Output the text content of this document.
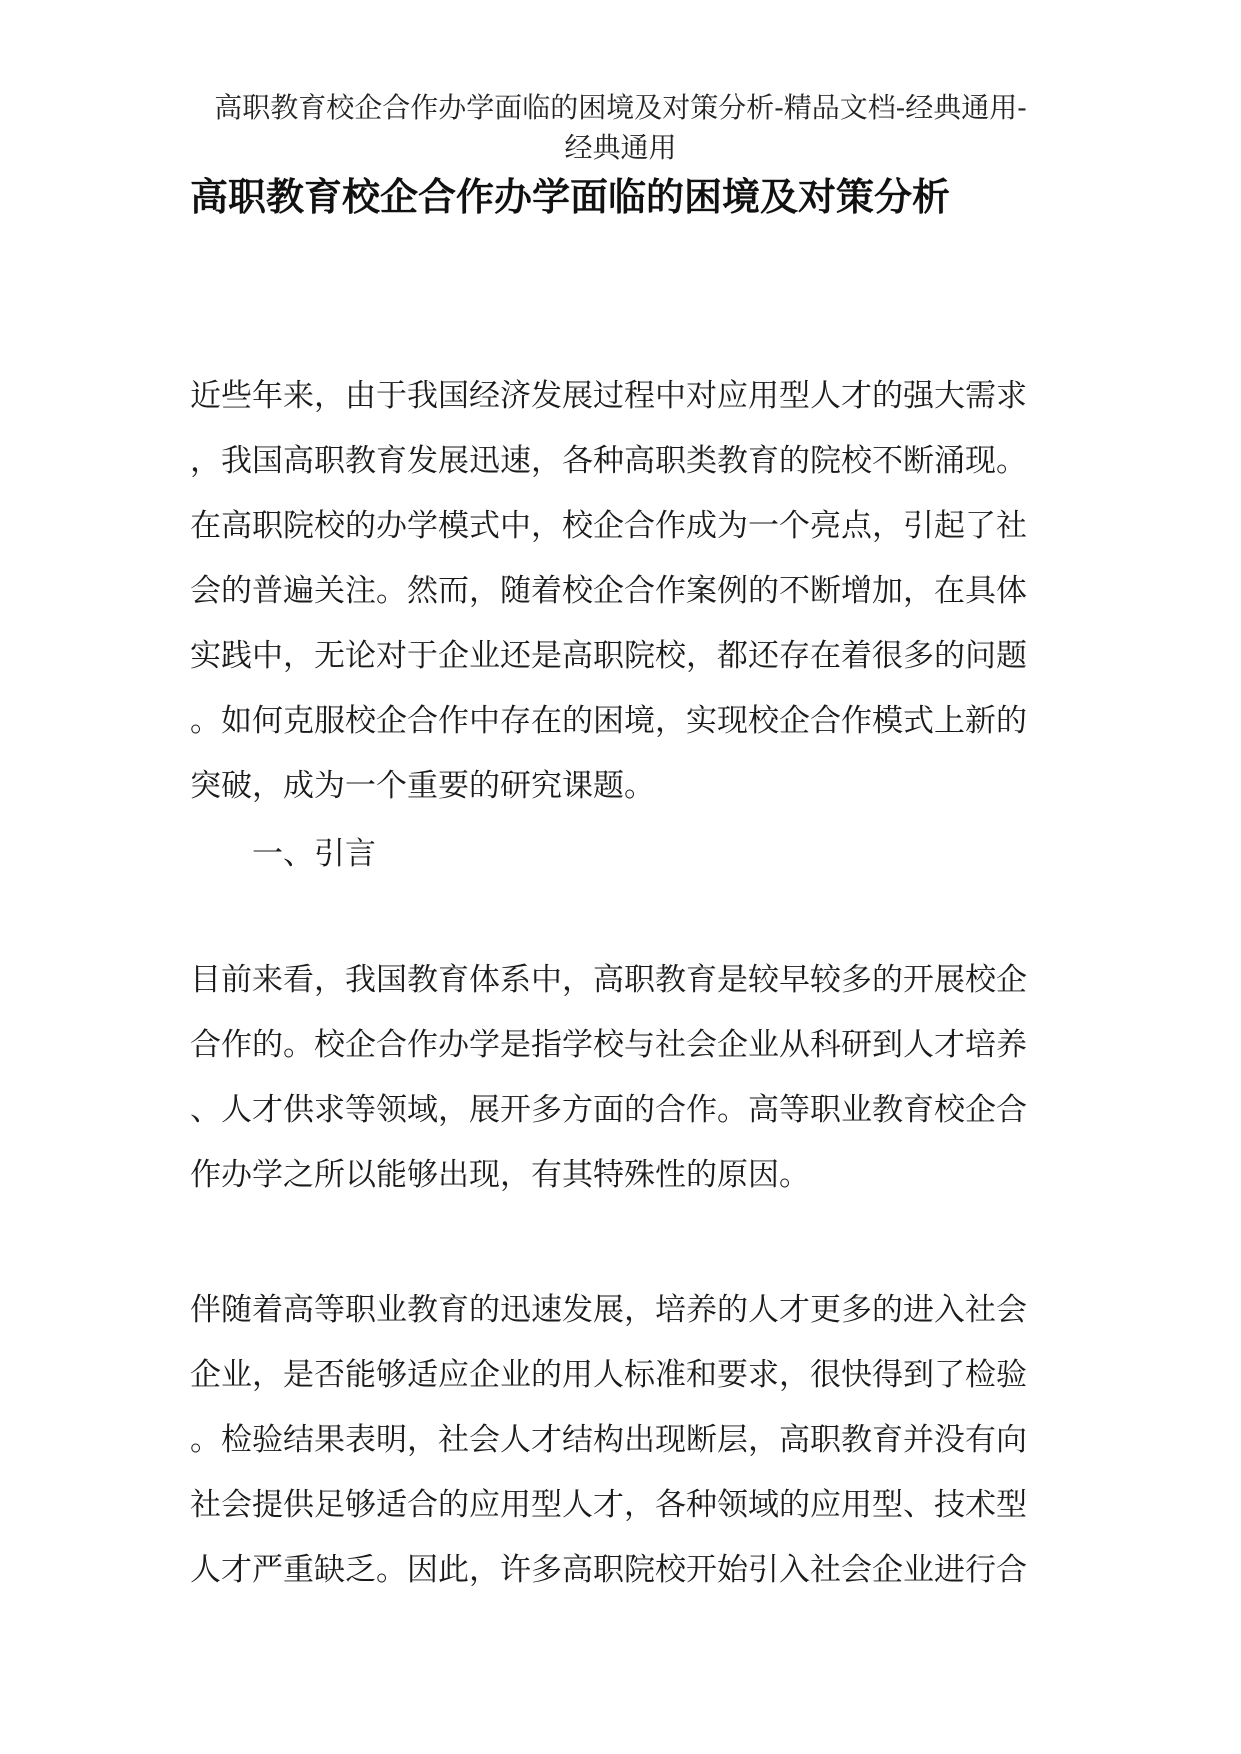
高职教育校企合作办学面临的困境及对策分析-精品文档-经典通用-
经典通用
高职教育校企合作办学面临的困境及对策分析
近些年来，由于我国经济发展过程中对应用型人才的强大需求
，我国高职教育发展迅速，各种高职类教育的院校不断涌现。
在高职院校的办学模式中，校企合作成为一个亮点，引起了社
会的普遍关注。然而，随着校企合作案例的不断增加，在具体
实践中，无论对于企业还是高职院校，都还存在着很多的问题
。如何克服校企合作中存在的困境，实现校企合作模式上新的
突破，成为一个重要的研究课题。
一、引言
目前来看，我国教育体系中，高职教育是较早较多的开展校企
合作的。校企合作办学是指学校与社会企业从科研到人才培养
、人才供求等领域，展开多方面的合作。高等职业教育校企合
作办学之所以能够出现，有其特殊性的原因。
伴随着高等职业教育的迅速发展，培养的人才更多的进入社会
企业，是否能够适应企业的用人标准和要求，很快得到了检验
。检验结果表明，社会人才结构出现断层，高职教育并没有向
社会提供足够适合的应用型人才，各种领域的应用型、技术型
人才严重缺乏。因此，许多高职院校开始引入社会企业进行合
